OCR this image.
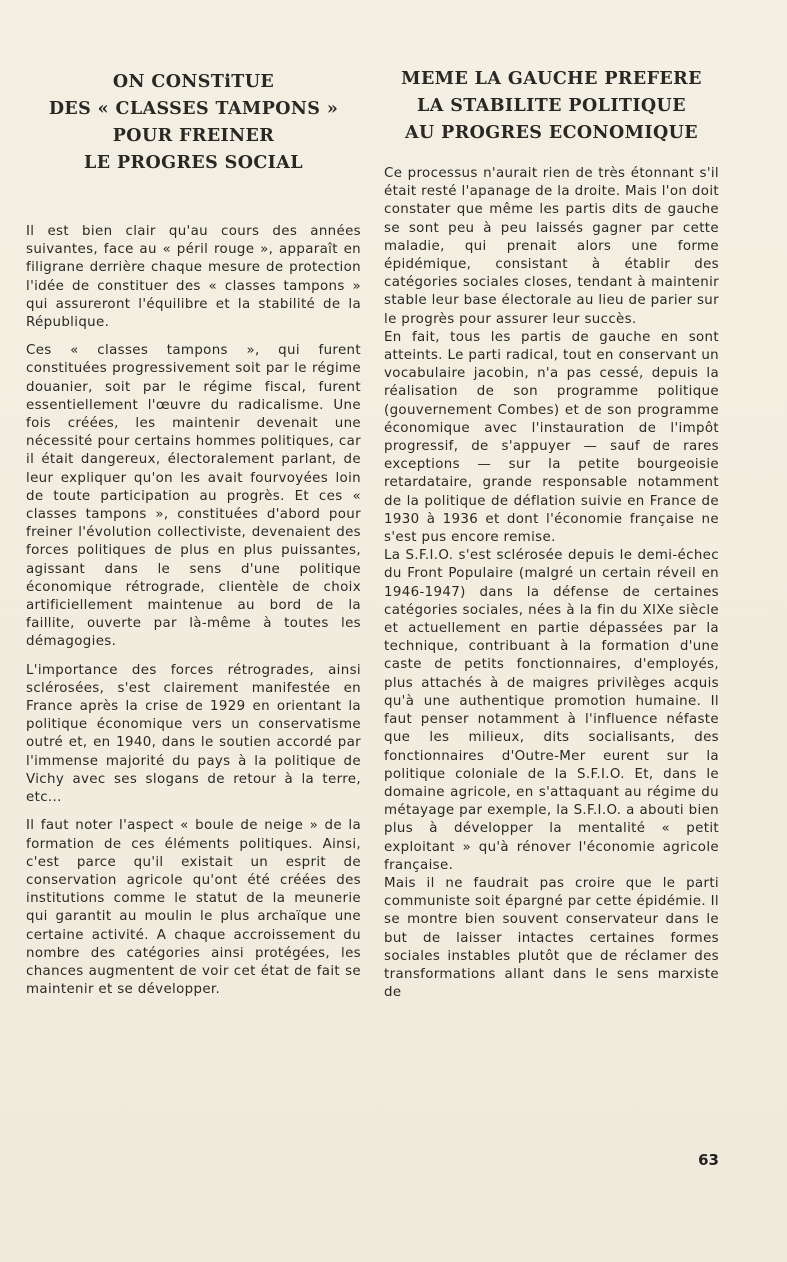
ON CONSTiTUE
DES « CLASSES TAMPONS »
POUR FREINER
LE PROGRES SOCIAL

Il est bien clair qu'au cours des années suivantes, face au « péril rouge », apparaît en filigrane derrière chaque mesure de protection l'idée de constituer des « classes tampons » qui assureront l'équilibre et la stabilité de la République.

Ces « classes tampons », qui furent constituées progressivement soit par le régime douanier, soit par le régime fiscal, furent essentiellement l'œuvre du radicalisme. Une fois créées, les maintenir devenait une nécessité pour certains hommes politiques, car il était dangereux, électoralement parlant, de leur expliquer qu'on les avait fourvoyées loin de toute participation au progrès. Et ces « classes tampons », constituées d'abord pour freiner l'évolution collectiviste, devenaient des forces politiques de plus en plus puissantes, agissant dans le sens d'une politique économique rétrograde, clientèle de choix artificiellement maintenue au bord de la faillite, ouverte par là-même à toutes les démagogies.

L'importance des forces rétrogrades, ainsi sclérosées, s'est clairement manifestée en France après la crise de 1929 en orientant la politique économique vers un conservatisme outré et, en 1940, dans le soutien accordé par l'immense majorité du pays à la politique de Vichy avec ses slogans de retour à la terre, etc...

Il faut noter l'aspect « boule de neige » de la formation de ces éléments politiques. Ainsi, c'est parce qu'il existait un esprit de conservation agricole qu'ont été créées des institutions comme le statut de la meunerie qui garantit au moulin le plus archaïque une certaine activité. A chaque accroissement du nombre des catégories ainsi protégées, les chances augmentent de voir cet état de fait se maintenir et se développer.

MEME LA GAUCHE PREFERE
LA STABILITE POLITIQUE
AU PROGRES ECONOMIQUE

Ce processus n'aurait rien de très étonnant s'il était resté l'apanage de la droite. Mais l'on doit constater que même les partis dits de gauche se sont peu à peu laissés gagner par cette maladie, qui prenait alors une forme épidémique, consistant à établir des catégories sociales closes, tendant à maintenir stable leur base électorale au lieu de parier sur le progrès pour assurer leur succès.

En fait, tous les partis de gauche en sont atteints. Le parti radical, tout en conservant un vocabulaire jacobin, n'a pas cessé, depuis la réalisation de son programme politique (gouvernement Combes) et de son programme économique avec l'instauration de l'impôt progressif, de s'appuyer — sauf de rares exceptions — sur la petite bourgeoisie retardataire, grande responsable notamment de la politique de déflation suivie en France de 1930 à 1936 et dont l'économie française ne s'est pus encore remise.

La S.F.I.O. s'est sclérosée depuis le demi-échec du Front Populaire (malgré un certain réveil en 1946-1947) dans la défense de certaines catégories sociales, nées à la fin du XIXe siècle et actuellement en partie dépassées par la technique, contribuant à la formation d'une caste de petits fonctionnaires, d'employés, plus attachés à de maigres privilèges acquis qu'à une authentique promotion humaine. Il faut penser notamment à l'influence néfaste que les milieux, dits socialisants, des fonctionnaires d'Outre-Mer eurent sur la politique coloniale de la S.F.I.O. Et, dans le domaine agricole, en s'attaquant au régime du métayage par exemple, la S.F.I.O. a abouti bien plus à développer la mentalité « petit exploitant » qu'à rénover l'économie agricole française.

Mais il ne faudrait pas croire que le parti communiste soit épargné par cette épidémie. Il se montre bien souvent conservateur dans le but de laisser intactes certaines formes sociales instables plutôt que de réclamer des transformations allant dans le sens marxiste de

63
